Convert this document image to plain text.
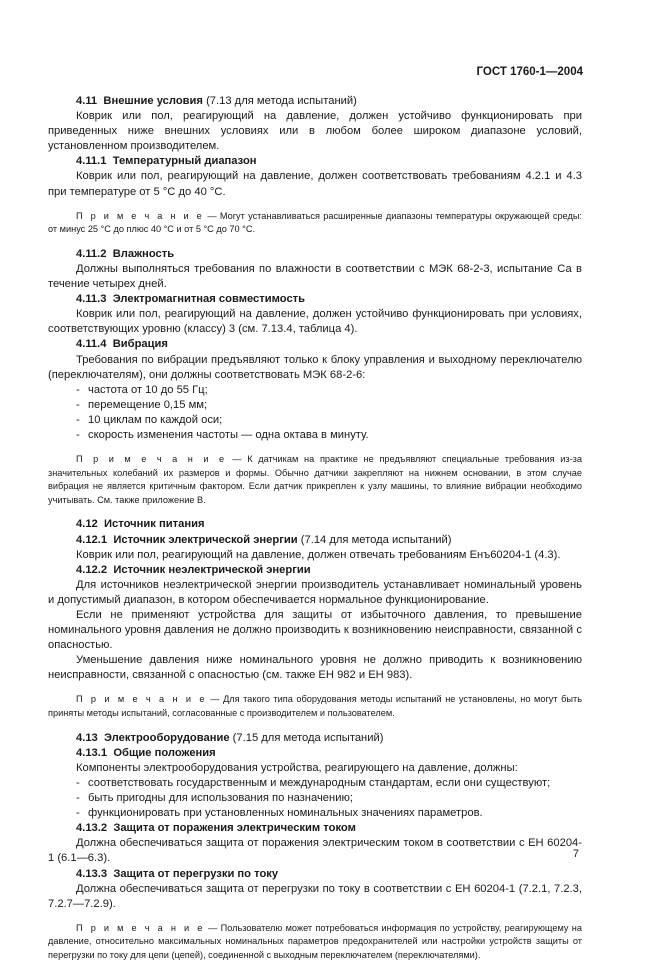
ГОСТ 1760-1—2004

4.11 Внешние условия (7.13 для метода испытаний)

Коврик или пол, реагирующий на давление, должен устойчиво функционировать при приведенных ниже внешних условиях или в любом более широком диапазоне условий, установленном производителем.

4.11.1 Температурный диапазон

Коврик или пол, реагирующий на давление, должен соответствовать требованиям 4.2.1 и 4.3 при температуре от 5 °С до 40 °С.

П р и м е ч а н и е — Могут устанавливаться расширенные диапазоны температуры окружающей среды: от минус 25 °С до плюс 40 °С и от 5 °С до 70 °С.

4.11.2 Влажность

Должны выполняться требования по влажности в соответствии с МЭК 68-2-3, испытание Са в течение четырех дней.

4.11.3 Электромагнитная совместимость

Коврик или пол, реагирующий на давление, должен устойчиво функционировать при условиях, соответствующих уровню (классу) 3 (см. 7.13.4, таблица 4).

4.11.4 Вибрация

Требования по вибрации предъявляют только к блоку управления и выходному переключателю (переключателям), они должны соответствовать МЭК 68-2-6:

- частота от 10 до 55 Гц;
- перемещение 0,15 мм;
- 10 циклам по каждой оси;
- скорость изменения частоты — одна октава в минуту.

П р и м е ч а н и е — К датчикам на практике не предъявляют специальные требования из-за значительных колебаний их размеров и формы. Обычно датчики закрепляют на нижнем основании, в этом случае вибрация не является критичным фактором. Если датчик прикреплен к узлу машины, то влияние вибрации необходимо учитывать. См. также приложение В.

4.12 Источник питания

4.12.1 Источник электрической энергии (7.14 для метода испытаний)

Коврик или пол, реагирующий на давление, должен отвечать требованиям Енъ60204-1 (4.3).

4.12.2 Источник неэлектрической энергии

Для источников неэлектрической энергии производитель устанавливает номинальный уровень и допустимый диапазон, в котором обеспечивается нормальное функционирование.

Если не применяют устройства для защиты от избыточного давления, то превышение номинального уровня давления не должно производить к возникновению неисправности, связанной с опасностью.

Уменьшение давления ниже номинального уровня не должно приводить к возникновению неисправности, связанной с опасностью (см. также ЕН 982 и ЕН 983).

П р и м е ч а н и е — Для такого типа оборудования методы испытаний не установлены, но могут быть приняты методы испытаний, согласованные с производителем и пользователем.

4.13 Электрооборудование (7.15 для метода испытаний)

4.13.1 Общие положения

Компоненты электрооборудования устройства, реагирующего на давление, должны:

- соответствовать государственным и международным стандартам, если они существуют;
- быть пригодны для использования по назначению;
- функционировать при установленных номинальных значениях параметров.

4.13.2 Защита от поражения электрическим током

Должна обеспечиваться защита от поражения электрическим током в соответствии с ЕН 60204-1 (6.1—6.3).

4.13.3 Защита от перегрузки по току

Должна обеспечиваться защита от перегрузки по току в соответствии с ЕН 60204-1 (7.2.1, 7.2.3, 7.2.7—7.2.9).

П р и м е ч а н и е — Пользователю может потребоваться информация по устройству, реагирующему на давление, относительно максимальных номинальных параметров предохранителей или настройки устройств защиты от перегрузки по току для цепи (цепей), соединенной с выходным переключателем (переключателями).

7
